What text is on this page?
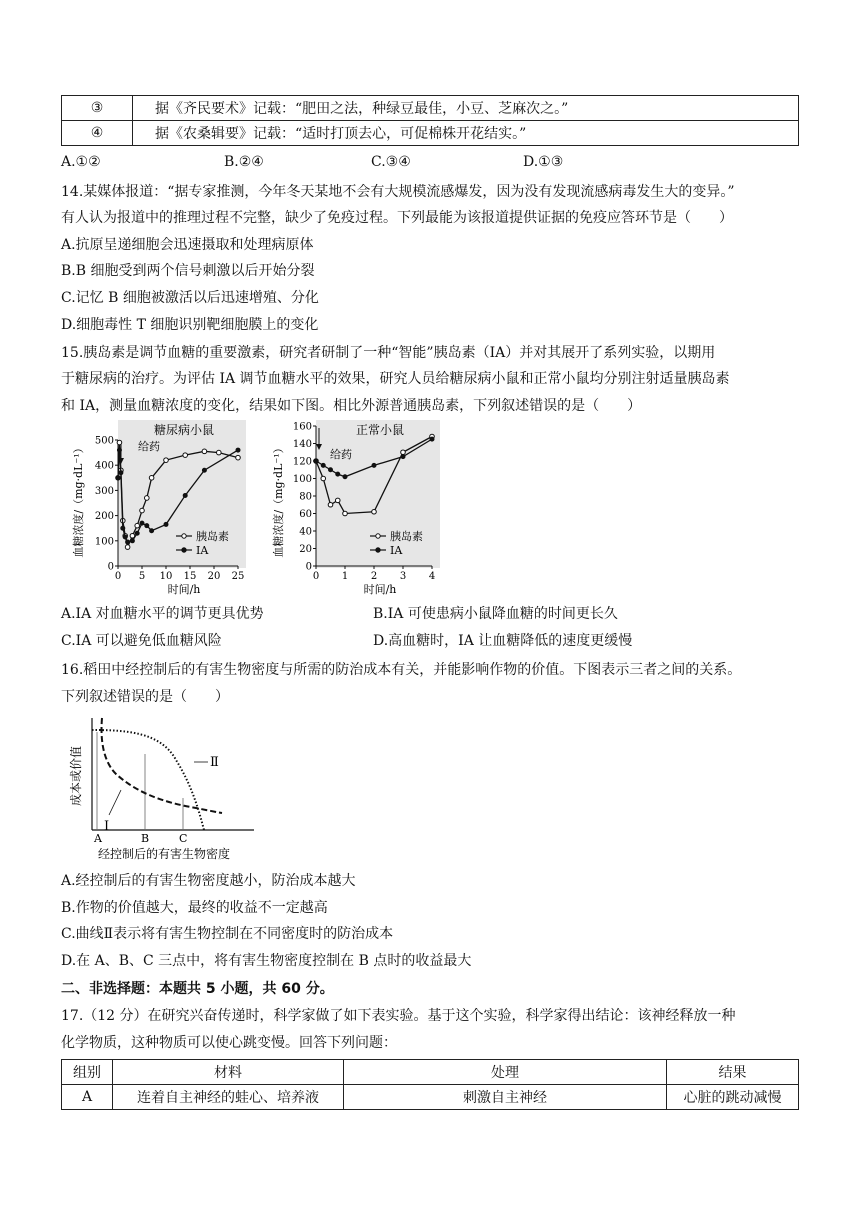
③	据《齐民要术》记载：“肥田之法，种绿豆最佳，小豆、芝麻次之。”
④	据《农桑辑要》记载：“适时打顶去心，可促棉株开花结实。”
A.①②	B.②④	C.③④	D.①③
14.某媒体报道：“据专家推测，今年冬天某地不会有大规模流感爆发，因为没有发现流感病毒发生大的变异。”
有人认为报道中的推理过程不完整，缺少了免疫过程。下列最能为该报道提供证据的免疫应答环节是（　　）
A.抗原呈递细胞会迅速摄取和处理病原体
B.B 细胞受到两个信号刺激以后开始分裂
C.记忆 B 细胞被激活以后迅速增殖、分化
D.细胞毒性 T 细胞识别靶细胞膜上的变化
15.胰岛素是调节血糖的重要激素，研究者研制了一种“智能”胰岛素（IA）并对其展开了系列实验，以期用
于糖尿病的治疗。为评估 IA 调节血糖水平的效果，研究人员给糖尿病小鼠和正常小鼠均分别注射适量胰岛素
和 IA，测量血糖浓度的变化，结果如下图。相比外源普通胰岛素，下列叙述错误的是（　　）
糖尿病小鼠
血糖浓度/（mg·dL⁻¹）
时间/h
给药
0 5 10 15 20 25
0
100
200
300
400
500
胰岛素
IA
正常小鼠
血糖浓度/（mg·dL⁻¹）
时间/h
给药
0 1 2 3 4
0
20
40
60
80
100
120
140
160
胰岛素
IA
A.IA 对血糖水平的调节更具优势	B.IA 可使患病小鼠降血糖的时间更长久
C.IA 可以避免低血糖风险	D.高血糖时，IA 让血糖降低的速度更缓慢
16.稻田中经控制后的有害生物密度与所需的防治成本有关，并能影响作物的价值。下图表示三者之间的关系。
下列叙述错误的是（　　）
Ⅱ
Ⅰ
成本或价值
A	B	C
经控制后的有害生物密度
A.经控制后的有害生物密度越小，防治成本越大
B.作物的价值越大，最终的收益不一定越高
C.曲线Ⅱ表示将有害生物控制在不同密度时的防治成本
D.在 A、B、C 三点中，将有害生物密度控制在 B 点时的收益最大
二、非选择题：本题共 5 小题，共 60 分。
17.（12 分）在研究兴奋传递时，科学家做了如下表实验。基于这个实验，科学家得出结论：该神经释放一种
化学物质，这种物质可以使心跳变慢。回答下列问题：
组别	材料	处理	结果
A	连着自主神经的蛙心、培养液	刺激自主神经	心脏的跳动减慢
